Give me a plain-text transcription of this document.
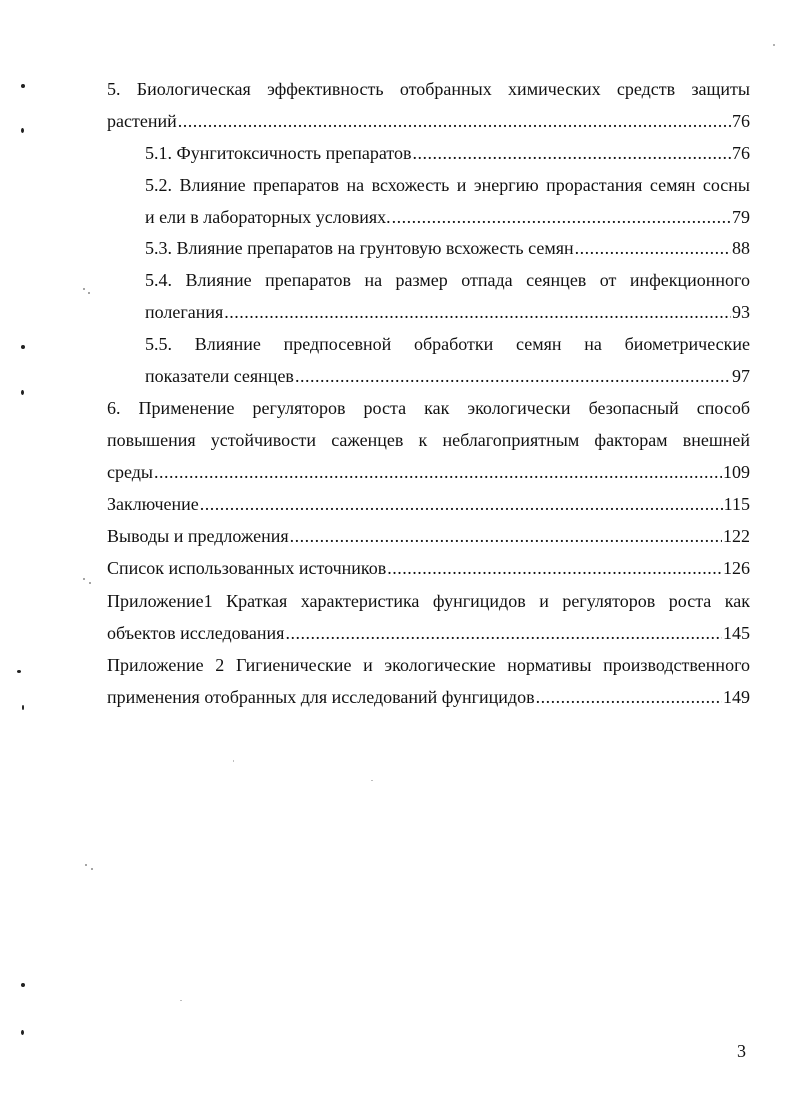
5. Биологическая эффективность отобранных химических средств защиты
растений .....	76
5.1. Фунгитоксичность препаратов .....	76
5.2. Влияние препаратов на всхожесть и энергию прорастания семян сосны
и ели в лабораторных условиях. .....	79
5.3. Влияние препаратов на грунтовую всхожесть семян .....	88
5.4. Влияние препаратов на размер отпада сеянцев от инфекционного
полегания .....	93
5.5. Влияние предпосевной обработки семян на биометрические
показатели сеянцев .....	97
6. Применение регуляторов роста как экологически безопасный способ
повышения устойчивости саженцев к неблагоприятным факторам внешней
среды .....	109
Заключение .....	115
Выводы и предложения .....	122
Список использованных источников .....	126
Приложение1 Краткая характеристика фунгицидов и регуляторов роста как
объектов исследования .....	145
Приложение 2 Гигиенические и экологические нормативы производственного
применения отобранных для исследований фунгицидов .....	149
3
